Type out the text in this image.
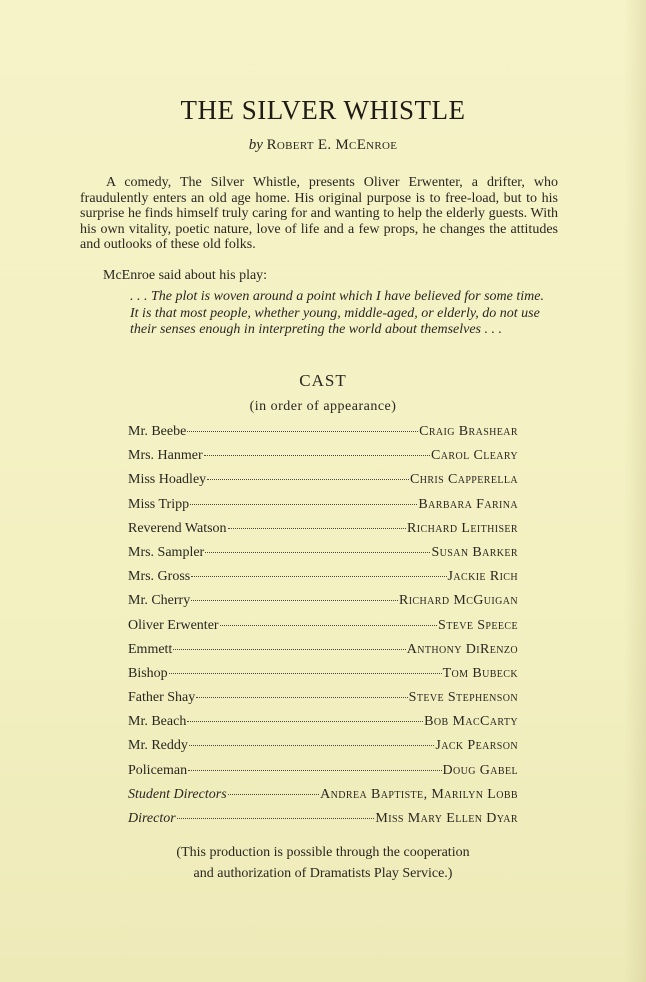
THE SILVER WHISTLE
by Robert E. McEnroe

A comedy, The Silver Whistle, presents Oliver Erwenter, a drifter, who fraudulently enters an old age home. His original purpose is to free-load, but to his surprise he finds himself truly caring for and wanting to help the elderly guests. With his own vitality, poetic nature, love of life and a few props, he changes the attitudes and outlooks of these old folks.

McEnroe said about his play:

. . . The plot is woven around a point which I have believed for some time. It is that most people, whether young, middle-aged, or elderly, do not use their senses enough in interpreting the world about themselves . . .

CAST
(in order of appearance)
Mr. Beebe	Craig Brashear
Mrs. Hanmer	Carol Cleary
Miss Hoadley	Chris Capperella
Miss Tripp	Barbara Farina
Reverend Watson	Richard Leithiser
Mrs. Sampler	Susan Barker
Mrs. Gross	Jackie Rich
Mr. Cherry	Richard McGuigan
Oliver Erwenter	Steve Speece
Emmett	Anthony DiRenzo
Bishop	Tom Bubeck
Father Shay	Steve Stephenson
Mr. Beach	Bob MacCarty
Mr. Reddy	Jack Pearson
Policeman	Doug Gabel
Student Directors	Andrea Baptiste, Marilyn Lobb
Director	Miss Mary Ellen Dyar
(This production is possible through the cooperation
and authorization of Dramatists Play Service.)
